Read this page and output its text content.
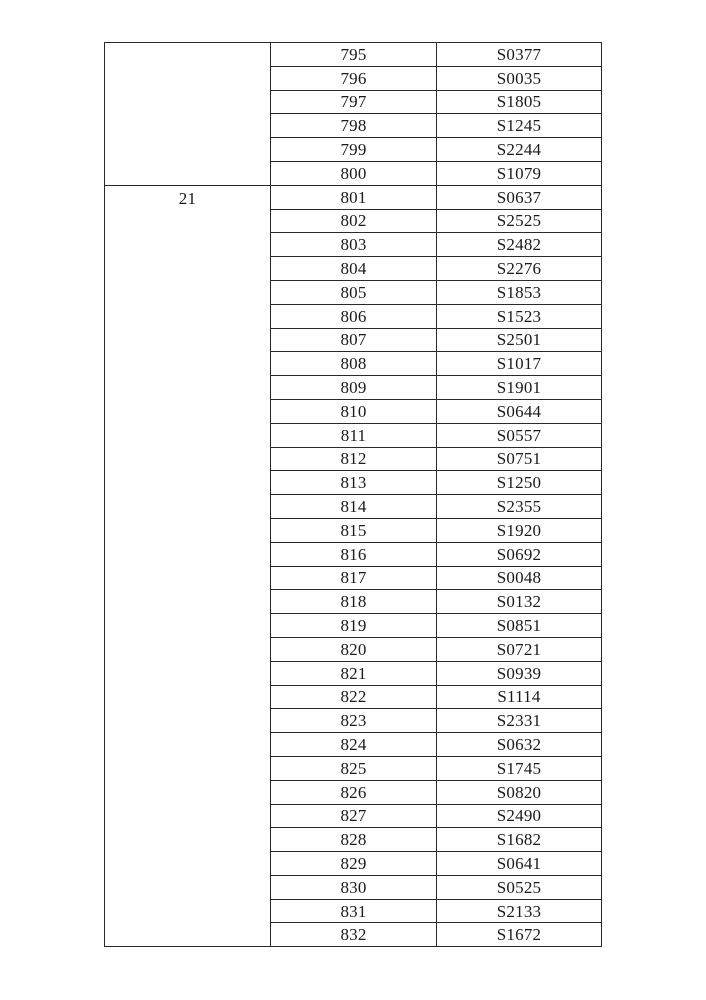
	795	S0377
	796	S0035
	797	S1805
	798	S1245
	799	S2244
	800	S1079
21	801	S0637
	802	S2525
	803	S2482
	804	S2276
	805	S1853
	806	S1523
	807	S2501
	808	S1017
	809	S1901
	810	S0644
	811	S0557
	812	S0751
	813	S1250
	814	S2355
	815	S1920
	816	S0692
	817	S0048
	818	S0132
	819	S0851
	820	S0721
	821	S0939
	822	S1114
	823	S2331
	824	S0632
	825	S1745
	826	S0820
	827	S2490
	828	S1682
	829	S0641
	830	S0525
	831	S2133
	832	S1672
